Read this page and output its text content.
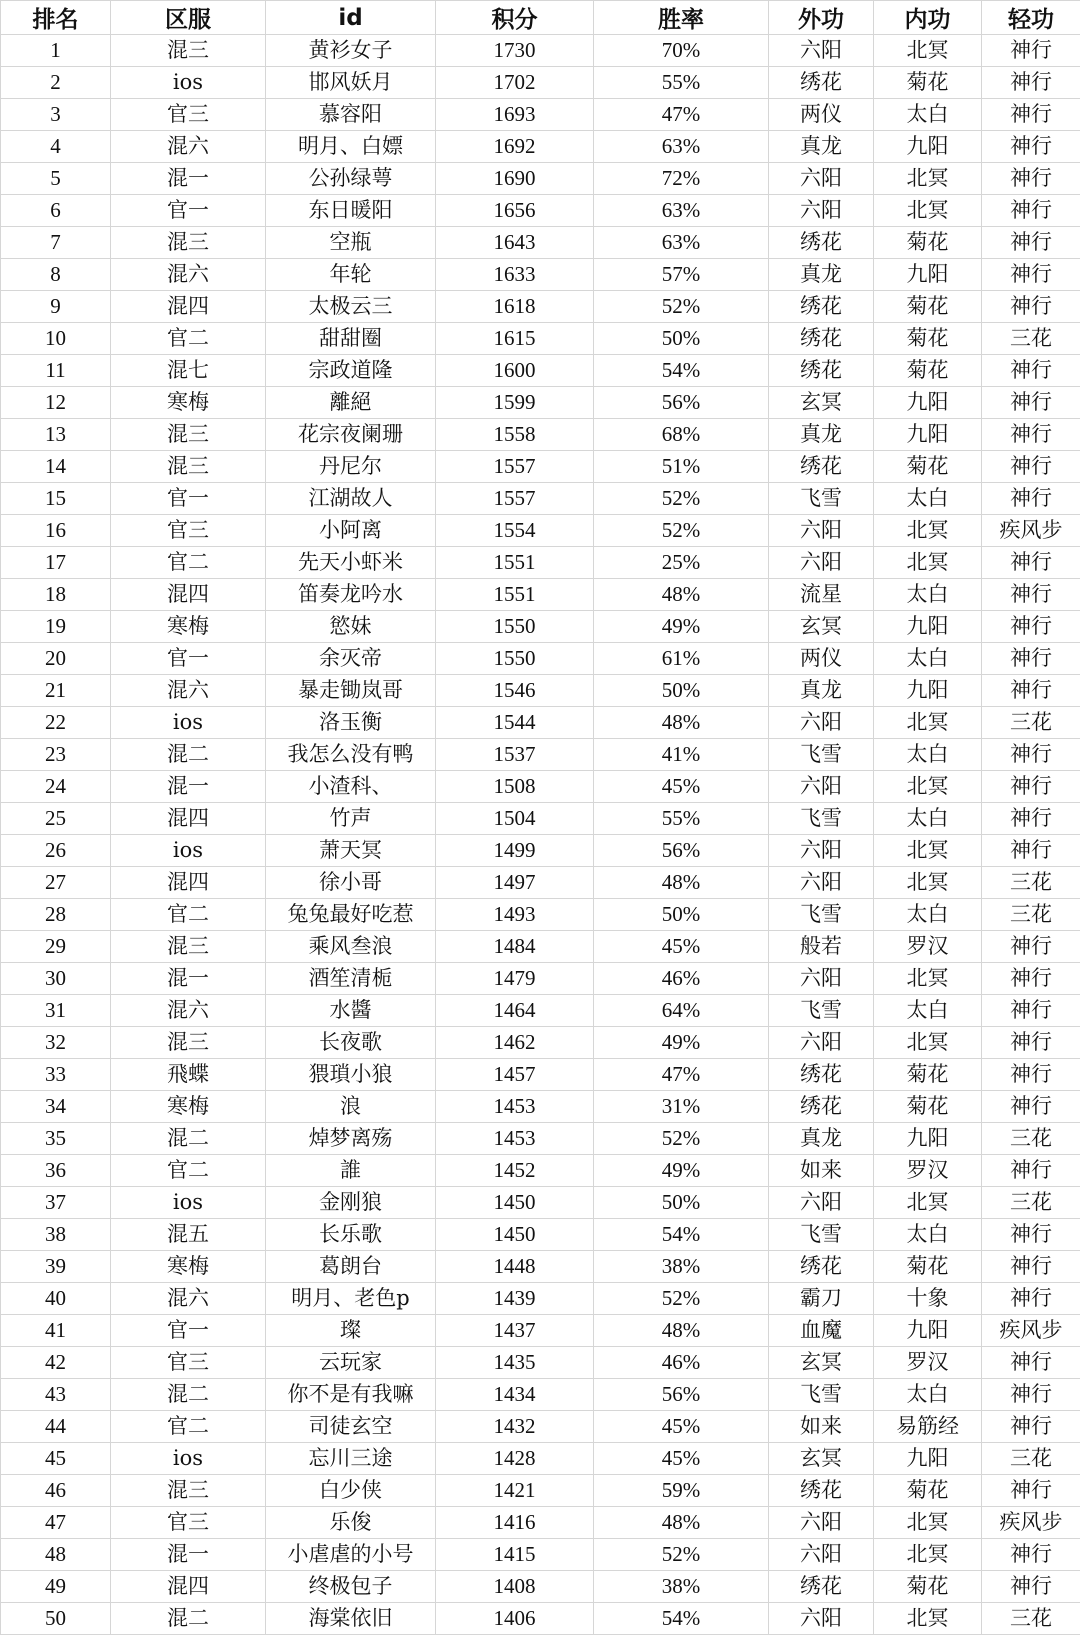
排名	区服	id	积分	胜率	外功	内功	轻功
1	混三	黄衫女子	1730	70%	六阳	北冥	神行
2	ios	邯风妖月	1702	55%	绣花	菊花	神行
3	官三	慕容阳	1693	47%	两仪	太白	神行
4	混六	明月、白嫖	1692	63%	真龙	九阳	神行
5	混一	公孙绿萼	1690	72%	六阳	北冥	神行
6	官一	东日暖阳	1656	63%	六阳	北冥	神行
7	混三	空瓶	1643	63%	绣花	菊花	神行
8	混六	年轮	1633	57%	真龙	九阳	神行
9	混四	太极云三	1618	52%	绣花	菊花	神行
10	官二	甜甜圈	1615	50%	绣花	菊花	三花
11	混七	宗政道隆	1600	54%	绣花	菊花	神行
12	寒梅	離絕	1599	56%	玄冥	九阳	神行
13	混三	花宗夜阑珊	1558	68%	真龙	九阳	神行
14	混三	丹尼尔	1557	51%	绣花	菊花	神行
15	官一	江湖故人	1557	52%	飞雪	太白	神行
16	官三	小阿离	1554	52%	六阳	北冥	疾风步
17	官二	先天小虾米	1551	25%	六阳	北冥	神行
18	混四	笛奏龙吟水	1551	48%	流星	太白	神行
19	寒梅	慾妹	1550	49%	玄冥	九阳	神行
20	官一	余灭帝	1550	61%	两仪	太白	神行
21	混六	暴走锄岚哥	1546	50%	真龙	九阳	神行
22	ios	洛玉衡	1544	48%	六阳	北冥	三花
23	混二	我怎么没有鸭	1537	41%	飞雪	太白	神行
24	混一	小渣科、	1508	45%	六阳	北冥	神行
25	混四	竹声	1504	55%	飞雪	太白	神行
26	ios	萧天冥	1499	56%	六阳	北冥	神行
27	混四	徐小哥	1497	48%	六阳	北冥	三花
28	官二	兔兔最好吃惹	1493	50%	飞雪	太白	三花
29	混三	乘风叁浪	1484	45%	般若	罗汉	神行
30	混一	酒笙清栀	1479	46%	六阳	北冥	神行
31	混六	水醬	1464	64%	飞雪	太白	神行
32	混三	长夜歌	1462	49%	六阳	北冥	神行
33	飛蝶	猥瑣小狼	1457	47%	绣花	菊花	神行
34	寒梅	浪	1453	31%	绣花	菊花	神行
35	混二	焯梦离殇	1453	52%	真龙	九阳	三花
36	官二	誰	1452	49%	如来	罗汉	神行
37	ios	金刚狼	1450	50%	六阳	北冥	三花
38	混五	长乐歌	1450	54%	飞雪	太白	神行
39	寒梅	葛朗台	1448	38%	绣花	菊花	神行
40	混六	明月、老色p	1439	52%	霸刀	十象	神行
41	官一	璨	1437	48%	血魔	九阳	疾风步
42	官三	云玩家	1435	46%	玄冥	罗汉	神行
43	混二	你不是有我嘛	1434	56%	飞雪	太白	神行
44	官二	司徒玄空	1432	45%	如来	易筋经	神行
45	ios	忘川三途	1428	45%	玄冥	九阳	三花
46	混三	白少侠	1421	59%	绣花	菊花	神行
47	官三	乐俊	1416	48%	六阳	北冥	疾风步
48	混一	小虐虐的小号	1415	52%	六阳	北冥	神行
49	混四	终极包子	1408	38%	绣花	菊花	神行
50	混二	海棠依旧	1406	54%	六阳	北冥	三花
